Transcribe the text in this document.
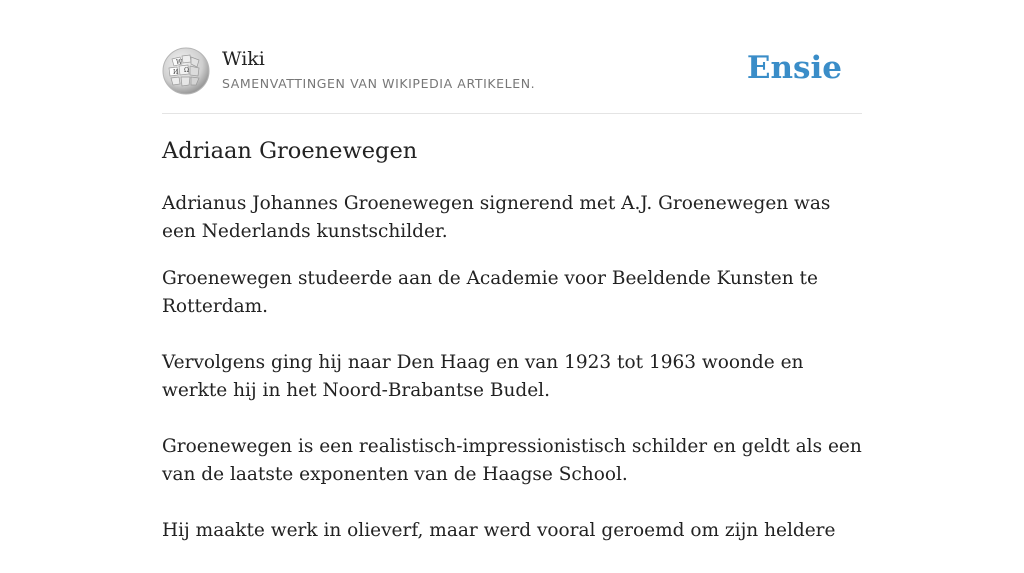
W
Ω
И
Wiki
SAMENVATTINGEN VAN WIKIPEDIA ARTIKELEN.	Ensie
Adriaan Groenewegen

Adrianus Johannes Groenewegen signerend met A.J. Groenewegen was een Nederlands kunstschilder.

Groenewegen studeerde aan de Academie voor Beeldende Kunsten te Rotterdam.

Vervolgens ging hij naar Den Haag en van 1923 tot 1963 woonde en werkte hij in het Noord-Brabantse Budel.

Groenewegen is een realistisch-impressionistisch schilder en geldt als een van de laatste exponenten van de Haagse School.

Hij maakte werk in olieverf, maar werd vooral geroemd om zijn heldere
